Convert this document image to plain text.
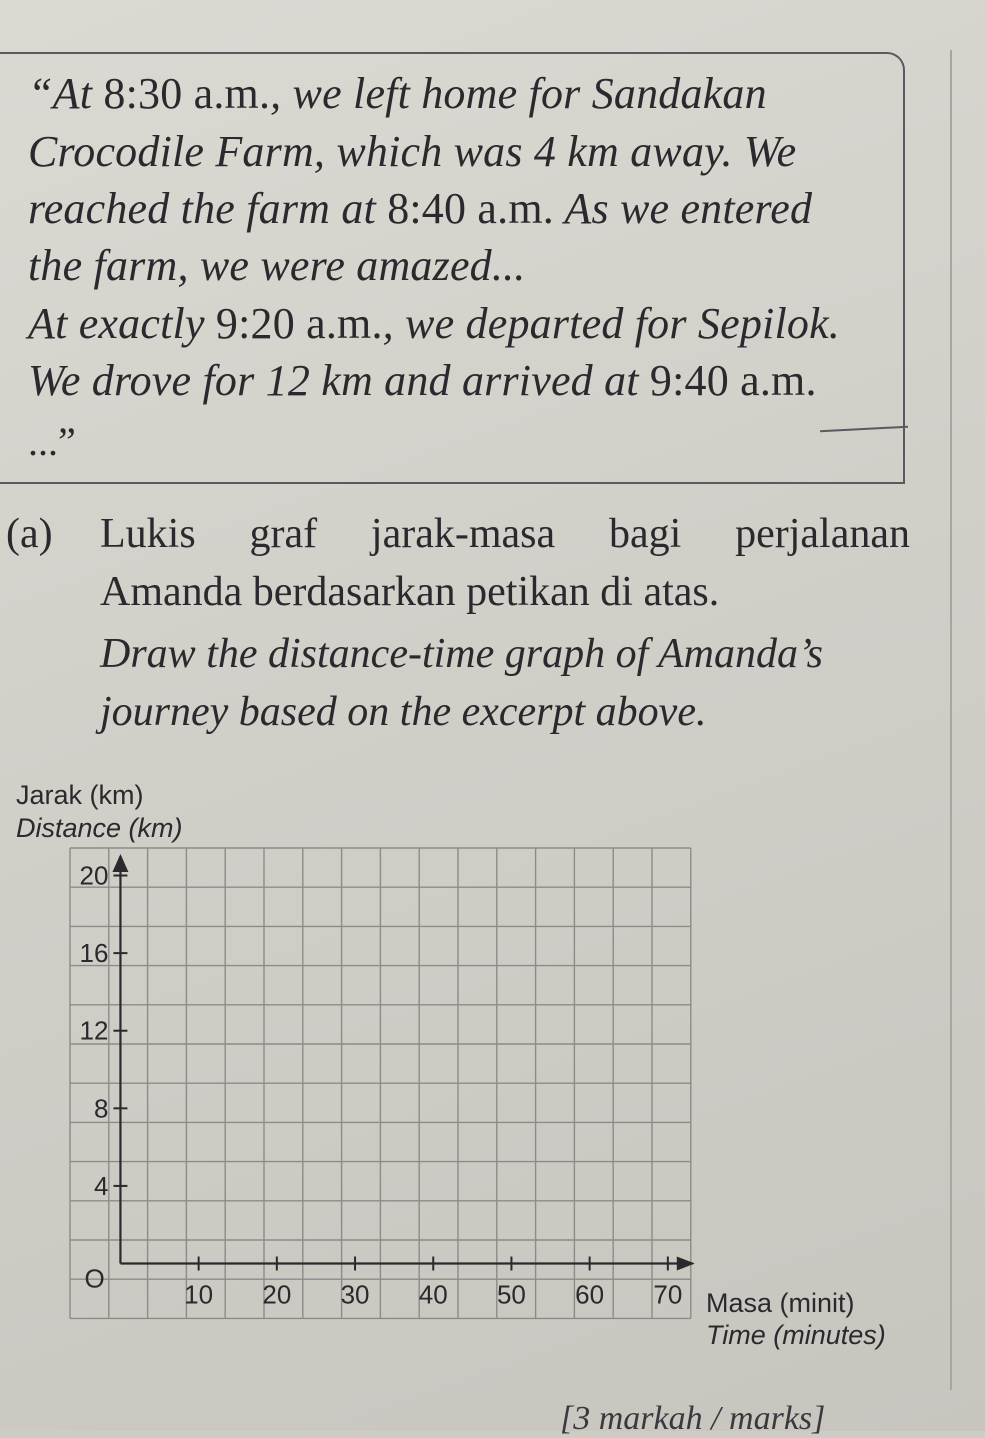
“At 8:30 a.m., we left home for Sandakan
Crocodile Farm, which was 4 km away. We
reached the farm at 8:40 a.m. As we entered
the farm, we were amazed...
At exactly 9:20 a.m., we departed for Sepilok.
We drove for 12 km and arrived at 9:40 a.m.
...”
(a) Lukis graf jarak-masa bagi perjalanan
Amanda berdasarkan petikan di atas.
Draw the distance-time graph of Amanda’s
journey based on the excerpt above.
Jarak (km)
Distance (km)
O
10 20 30 40 50 60 70
4
8
12
16
20
Masa (minit)
Time (minutes)
[3 markah / marks]
